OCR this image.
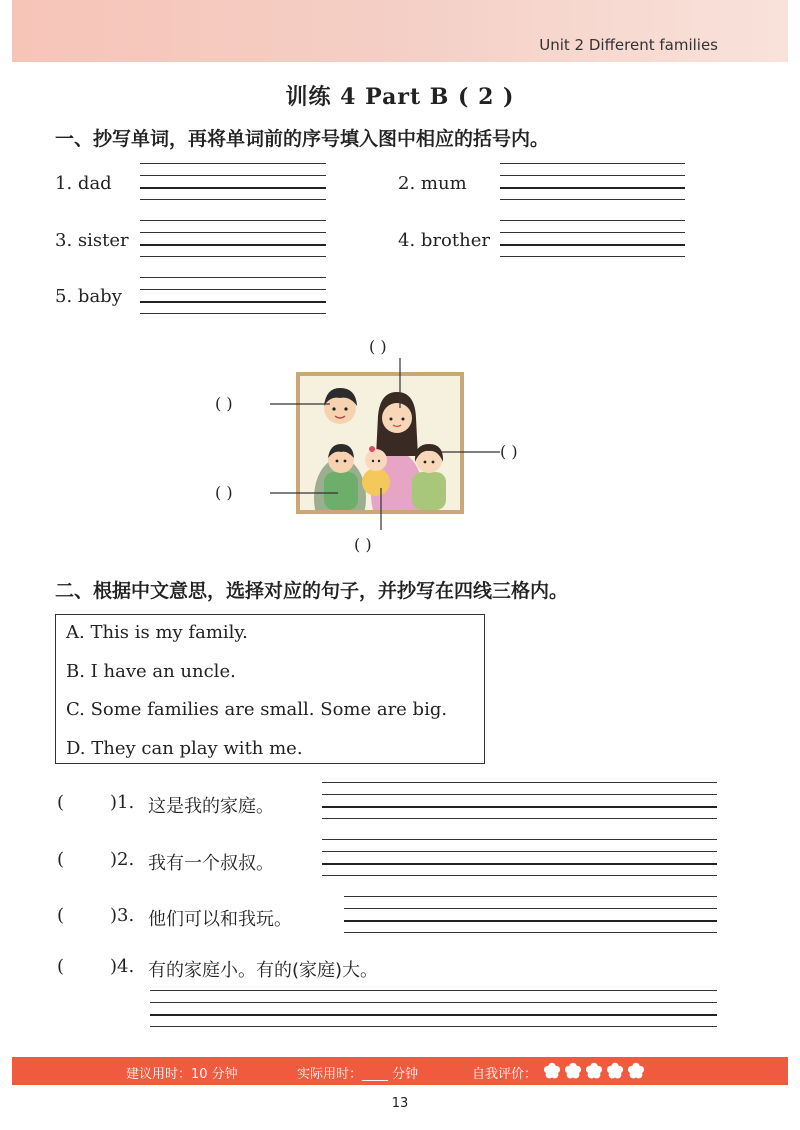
Unit 2 Different families
训练 4 Part B ( 2 )
一、抄写单词，再将单词前的序号填入图中相应的括号内。
1. dad	2. mum
3. sister	4. brother
5. baby
( )
( )
( )
( )
( )
二、根据中文意思，选择对应的句子，并抄写在四线三格内。
A. This is my family.
B. I have an uncle.
C. Some families are small. Some are big.
D. They can play with me.
(	)1. 这是我的家庭。
(	)2. 我有一个叔叔。
(	)3. 他们可以和我玩。
(	)4. 有的家庭小。有的(家庭)大。
建议用时：10 分钟	实际用时：____ 分钟	自我评价：
13
